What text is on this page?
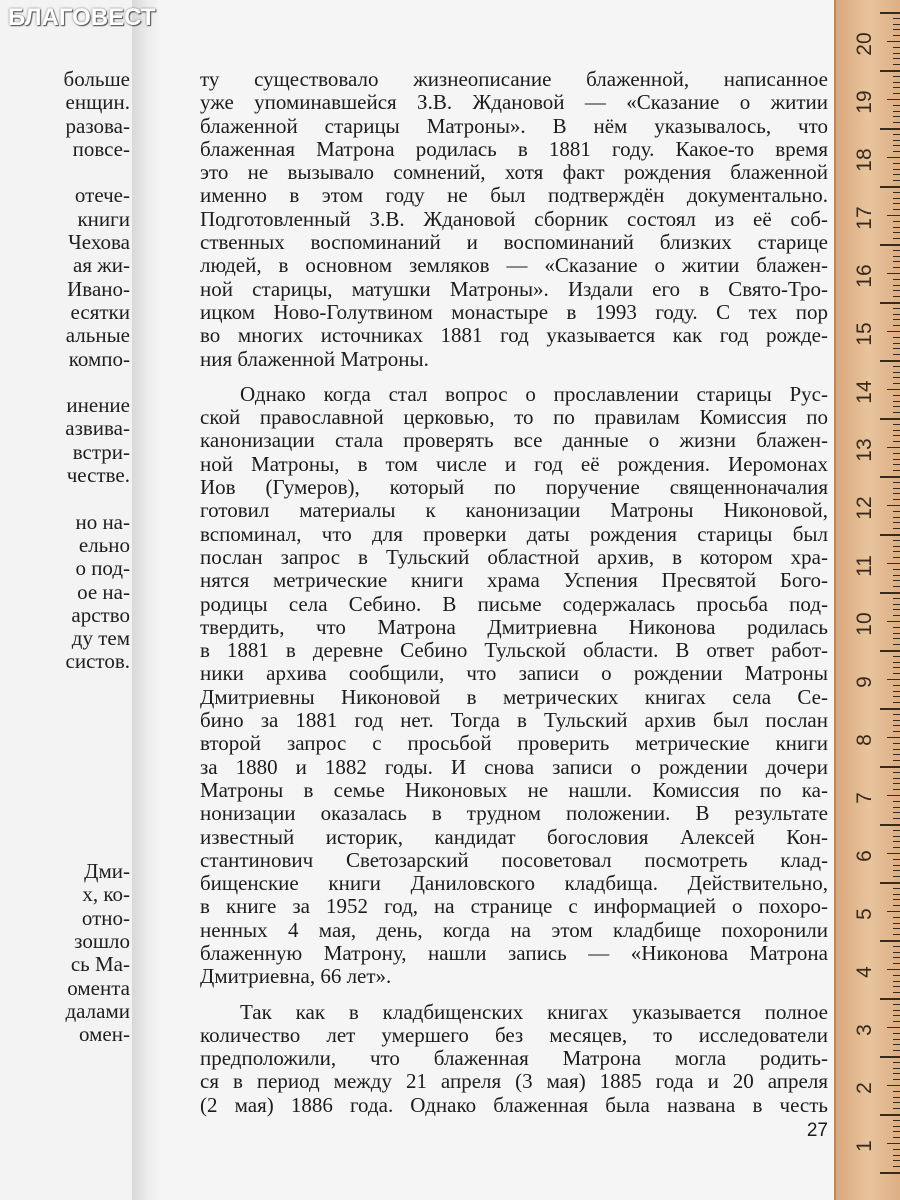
больше
енщин.
разова-
повсе-

отече-
книги
Чехова
ая жи-
Ивано-
есятки
альные
компо-

инение
азвива-
встри-
честве.

но на-
ельно
о под-
ое на-
арство
ду тем
систов.

Дми-
х, ко-
отно-
зошло
сь Ма-
омента
далами
омен-
БЛАГОВЕСТ
ту существовало жизнеописание блаженной, написанное
уже упоминавшейся З.В. Ждановой — «Сказание о житии
блаженной старицы Матроны». В нём указывалось, что
блаженная Матрона родилась в 1881 году. Какое-то время
это не вызывало сомнений, хотя факт рождения блаженной
именно в этом году не был подтверждён документально.
Подготовленный З.В. Ждановой сборник состоял из её соб-
ственных воспоминаний и воспоминаний близких старице
людей, в основном земляков — «Сказание о житии блажен-
ной старицы, матушки Матроны». Издали его в Свято-Тро-
ицком Ново-Голутвином монастыре в 1993 году. С тех пор
во многих источниках 1881 год указывается как год рожде-
ния блаженной Матроны.
Однако когда стал вопрос о прославлении старицы Рус-
ской православной церковью, то по правилам Комиссия по
канонизации стала проверять все данные о жизни блажен-
ной Матроны, в том числе и год её рождения. Иеромонах
Иов (Гумеров), который по поручение священноначалия
готовил материалы к канонизации Матроны Никоновой,
вспоминал, что для проверки даты рождения старицы был
послан запрос в Тульский областной архив, в котором хра-
нятся метрические книги храма Успения Пресвятой Бого-
родицы села Себино. В письме содержалась просьба под-
твердить, что Матрона Дмитриевна Никонова родилась
в 1881 в деревне Себино Тульской области. В ответ работ-
ники архива сообщили, что записи о рождении Матроны
Дмитриевны Никоновой в метрических книгах села Се-
бино за 1881 год нет. Тогда в Тульский архив был послан
второй запрос с просьбой проверить метрические книги
за 1880 и 1882 годы. И снова записи о рождении дочери
Матроны в семье Никоновых не нашли. Комиссия по ка-
нонизации оказалась в трудном положении. В результате
известный историк, кандидат богословия Алексей Кон-
стантинович Светозарский посоветовал посмотреть клад-
бищенские книги Даниловского кладбища. Действительно,
в книге за 1952 год, на странице с информацией о похоро-
ненных 4 мая, день, когда на этом кладбище похоронили
блаженную Матрону, нашли запись — «Никонова Матрона
Дмитриевна, 66 лет».
Так как в кладбищенских книгах указывается полное
количество лет умершего без месяцев, то исследователи
предположили, что блаженная Матрона могла родить-
ся в период между 21 апреля (3 мая) 1885 года и 20 апреля
(2 мая) 1886 года. Однако блаженная была названа в честь
27
20
19
18
17
16
15
14
13
12
11
10
9
8
7
6
5
4
3
2
1
